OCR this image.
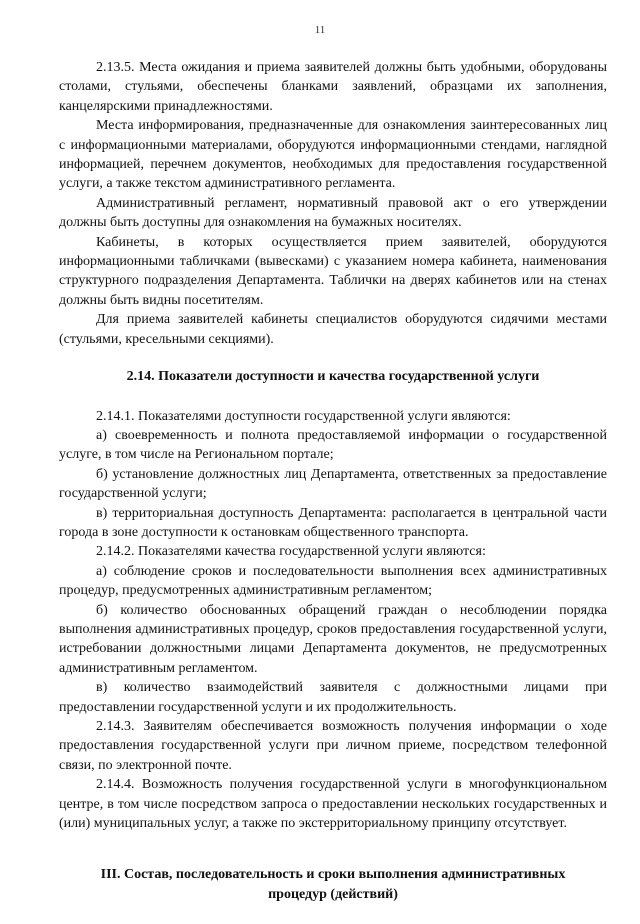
11

2.13.5. Места ожидания и приема заявителей должны быть удобными, оборудованы столами, стульями, обеспечены бланками заявлений, образцами их заполнения, канцелярскими принадлежностями.

Места информирования, предназначенные для ознакомления заинтересованных лиц с информационными материалами, оборудуются информационными стендами, наглядной информацией, перечнем документов, необходимых для предоставления государственной услуги, а также текстом административного регламента.

Административный регламент, нормативный правовой акт о его утверждении должны быть доступны для ознакомления на бумажных носителях.

Кабинеты, в которых осуществляется прием заявителей, оборудуются информационными табличками (вывесками) с указанием номера кабинета, наименования структурного подразделения Департамента. Таблички на дверях кабинетов или на стенах должны быть видны посетителям.

Для приема заявителей кабинеты специалистов оборудуются сидячими местами (стульями, кресельными секциями).

2.14. Показатели доступности и качества государственной услуги

2.14.1. Показателями доступности государственной услуги являются:

а) своевременность и полнота предоставляемой информации о государственной услуге, в том числе на Региональном портале;

б) установление должностных лиц Департамента, ответственных за предоставление государственной услуги;

в) территориальная доступность Департамента: располагается в центральной части города в зоне доступности к остановкам общественного транспорта.

2.14.2. Показателями качества государственной услуги являются:

а) соблюдение сроков и последовательности выполнения всех административных процедур, предусмотренных административным регламентом;

б) количество обоснованных обращений граждан о несоблюдении порядка выполнения административных процедур, сроков предоставления государственной услуги, истребовании должностными лицами Департамента документов, не предусмотренных административным регламентом.

в) количество взаимодействий заявителя с должностными лицами при предоставлении государственной услуги и их продолжительность.

2.14.3. Заявителям обеспечивается возможность получения информации о ходе предоставления государственной услуги при личном приеме, посредством телефонной связи, по электронной почте.

2.14.4. Возможность получения государственной услуги в многофункциональном центре, в том числе посредством запроса о предоставлении нескольких государственных и (или) муниципальных услуг, а также по экстерриториальному принципу отсутствует.

III. Состав, последовательность и сроки выполнения административных процедур (действий)
